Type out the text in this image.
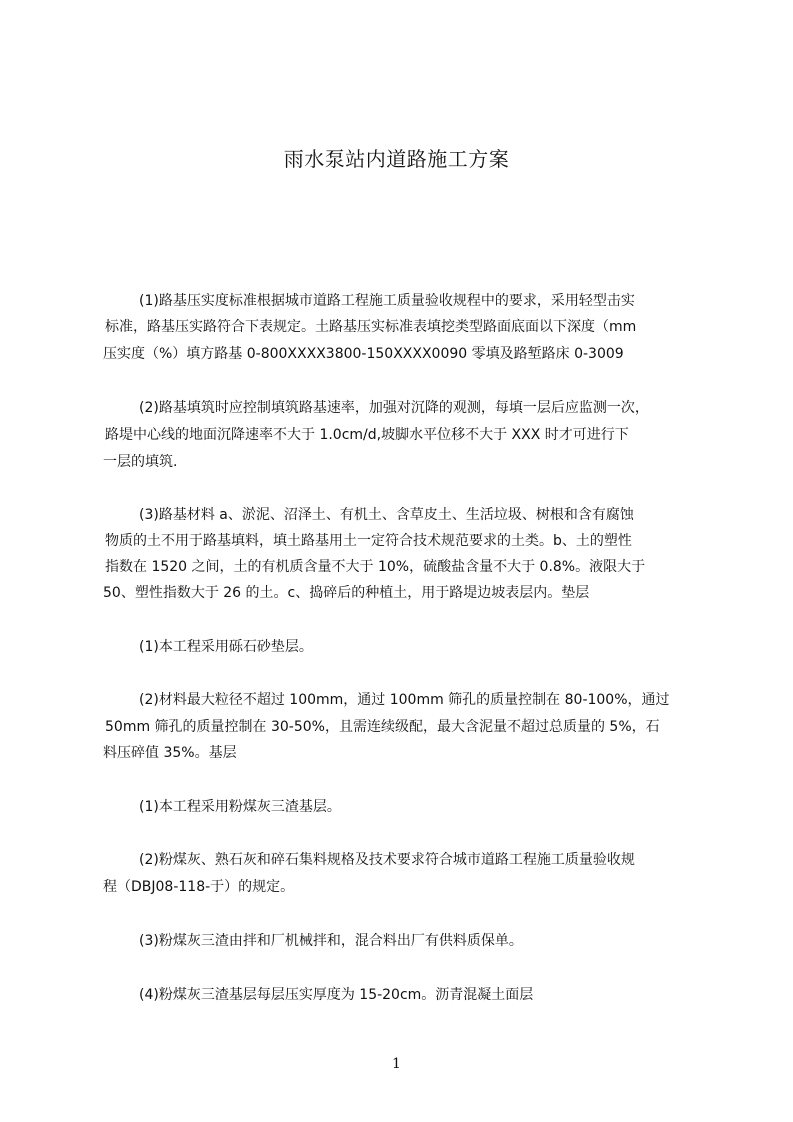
雨水泵站内道路施工方案
(1)路基压实度标准根据城市道路工程施工质量验收规程中的要求，采用轻型击实
标准，路基压实路符合下表规定。土路基压实标准表填挖类型路面底面以下深度（mm
压实度（%）填方路基 0-800XXXX3800-150XXXX0090 零填及路堑路床 0-3009
(2)路基填筑时应控制填筑路基速率，加强对沉降的观测，每填一层后应监测一次，
路堤中心线的地面沉降速率不大于 1.0cm/d,坡脚水平位移不大于 XXX 时才可进行下
一层的填筑.
(3)路基材料 a、淤泥、沼泽土、有机土、含草皮土、生活垃圾、树根和含有腐蚀
物质的土不用于路基填料，填土路基用土一定符合技术规范要求的土类。b、土的塑性
指数在 1520 之间，土的有机质含量不大于 10%，硫酸盐含量不大于 0.8%。液限大于
50、塑性指数大于 26 的土。c、捣碎后的种植土，用于路堤边坡表层内。垫层
(1)本工程采用砾石砂垫层。
(2)材料最大粒径不超过 100mm，通过 100mm 筛孔的质量控制在 80-100%，通过
50mm 筛孔的质量控制在 30-50%，且需连续级配，最大含泥量不超过总质量的 5%，石
料压碎值 35%。基层
(1)本工程采用粉煤灰三渣基层。
(2)粉煤灰、熟石灰和碎石集料规格及技术要求符合城市道路工程施工质量验收规
程（DBJ08-118-于）的规定。
(3)粉煤灰三渣由拌和厂机械拌和，混合料出厂有供料质保单。
(4)粉煤灰三渣基层每层压实厚度为 15-20cm。沥青混凝土面层
1
